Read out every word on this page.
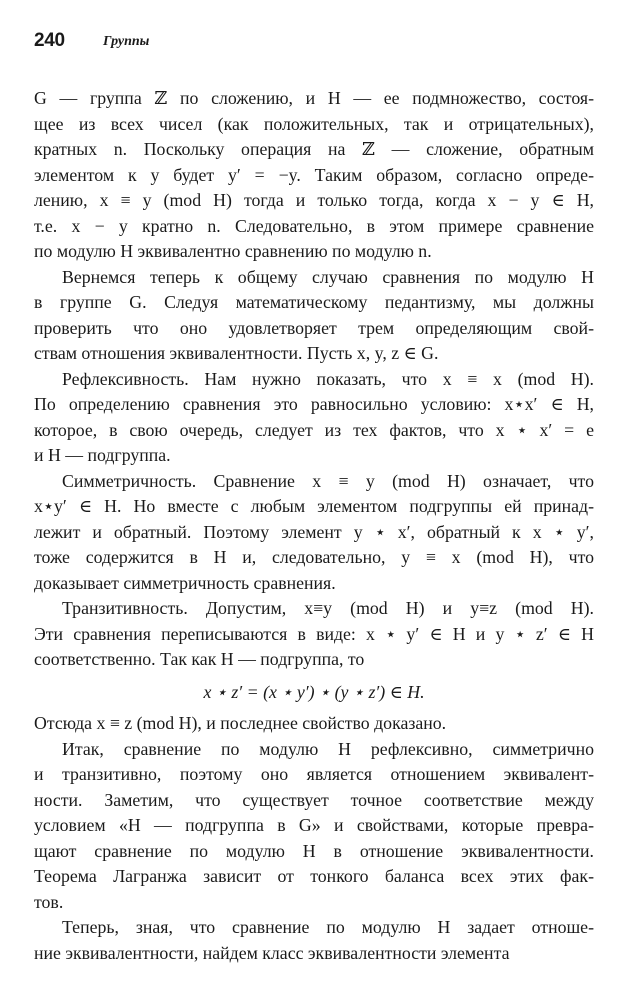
240	Группы
G — группа ℤ по сложению, и H — ее подмножество, состоя-
щее из всех чисел (как положительных, так и отрицательных),
кратных n. Поскольку операция на ℤ — сложение, обратным
элементом к y будет y′ = −y. Таким образом, согласно опреде-
лению, x ≡ y (mod H) тогда и только тогда, когда x − y ∈ H,
т.е. x − y кратно n. Следовательно, в этом примере сравнение
по модулю H эквивалентно сравнению по модулю n.
Вернемся теперь к общему случаю сравнения по модулю H
в группе G. Следуя математическому педантизму, мы должны
проверить что оно удовлетворяет трем определяющим свой-
ствам отношения эквивалентности. Пусть x, y, z ∈ G.
Рефлексивность. Нам нужно показать, что x ≡ x (mod H).
По определению сравнения это равносильно условию: x⋆x′ ∈ H,
которое, в свою очередь, следует из тех фактов, что x ⋆ x′ = e
и H — подгруппа.
Симметричность. Сравнение x ≡ y (mod H) означает, что
x⋆y′ ∈ H. Но вместе с любым элементом подгруппы ей принад-
лежит и обратный. Поэтому элемент y ⋆ x′, обратный к x ⋆ y′,
тоже содержится в H и, следовательно, y ≡ x (mod H), что
доказывает симметричность сравнения.
Транзитивность. Допустим, x≡y (mod H) и y≡z (mod H).
Эти сравнения переписываются в виде: x ⋆ y′ ∈ H и y ⋆ z′ ∈ H
соответственно. Так как H — подгруппа, то
x ⋆ z′ = (x ⋆ y′) ⋆ (y ⋆ z′) ∈ H.
Отсюда x ≡ z (mod H), и последнее свойство доказано.
Итак, сравнение по модулю H рефлексивно, симметрично
и транзитивно, поэтому оно является отношением эквивалент-
ности. Заметим, что существует точное соответствие между
условием «H — подгруппа в G» и свойствами, которые превра-
щают сравнение по модулю H в отношение эквивалентности.
Теорема Лагранжа зависит от тонкого баланса всех этих фак-
тов.
Теперь, зная, что сравнение по модулю H задает отноше-
ние эквивалентности, найдем класс эквивалентности элемента
